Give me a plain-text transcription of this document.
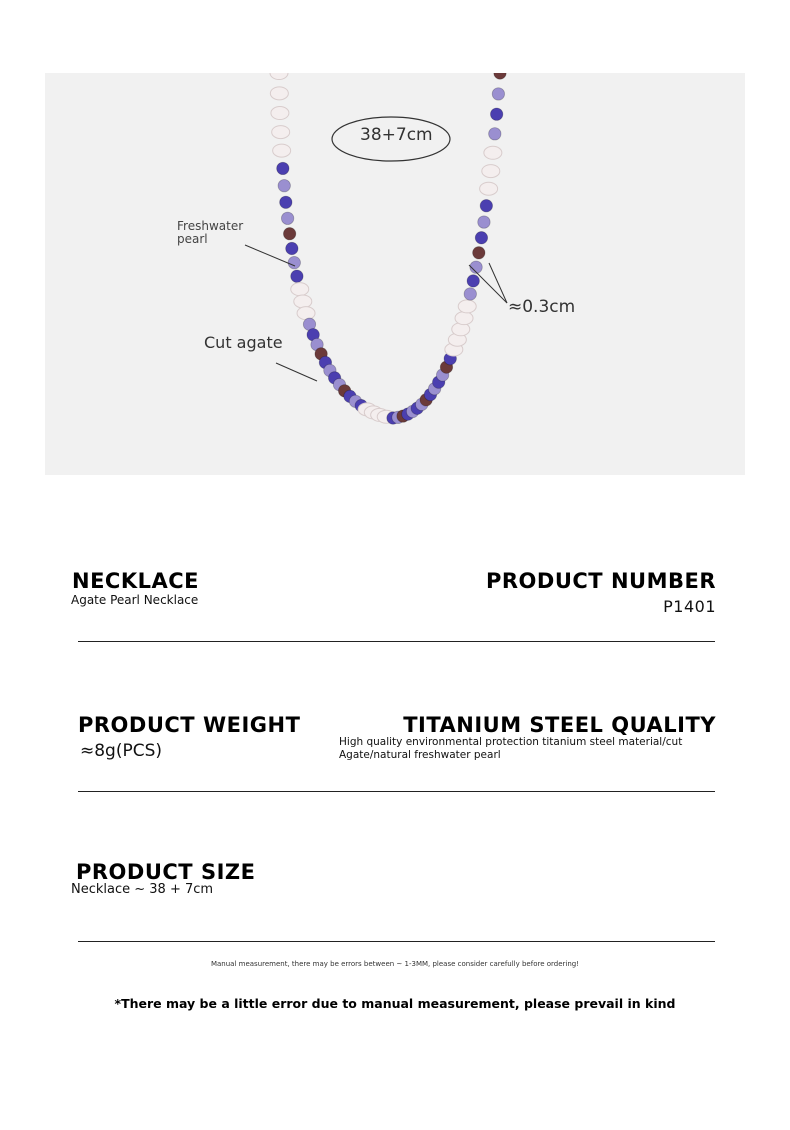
38+7cm
Freshwater
pearl
Cut agate
≈0.3cm
NECKLACE
Agate Pearl Necklace
PRODUCT NUMBER
P1401
PRODUCT WEIGHT
≈8g(PCS)
TITANIUM STEEL QUALITY
High quality environmental protection titanium steel material/cut
Agate/natural freshwater pearl
PRODUCT SIZE
Necklace ~ 38 + 7cm
Manual measurement, there may be errors between ~ 1-3MM, please consider carefully before ordering!
*There may be a little error due to manual measurement, please prevail in kind
